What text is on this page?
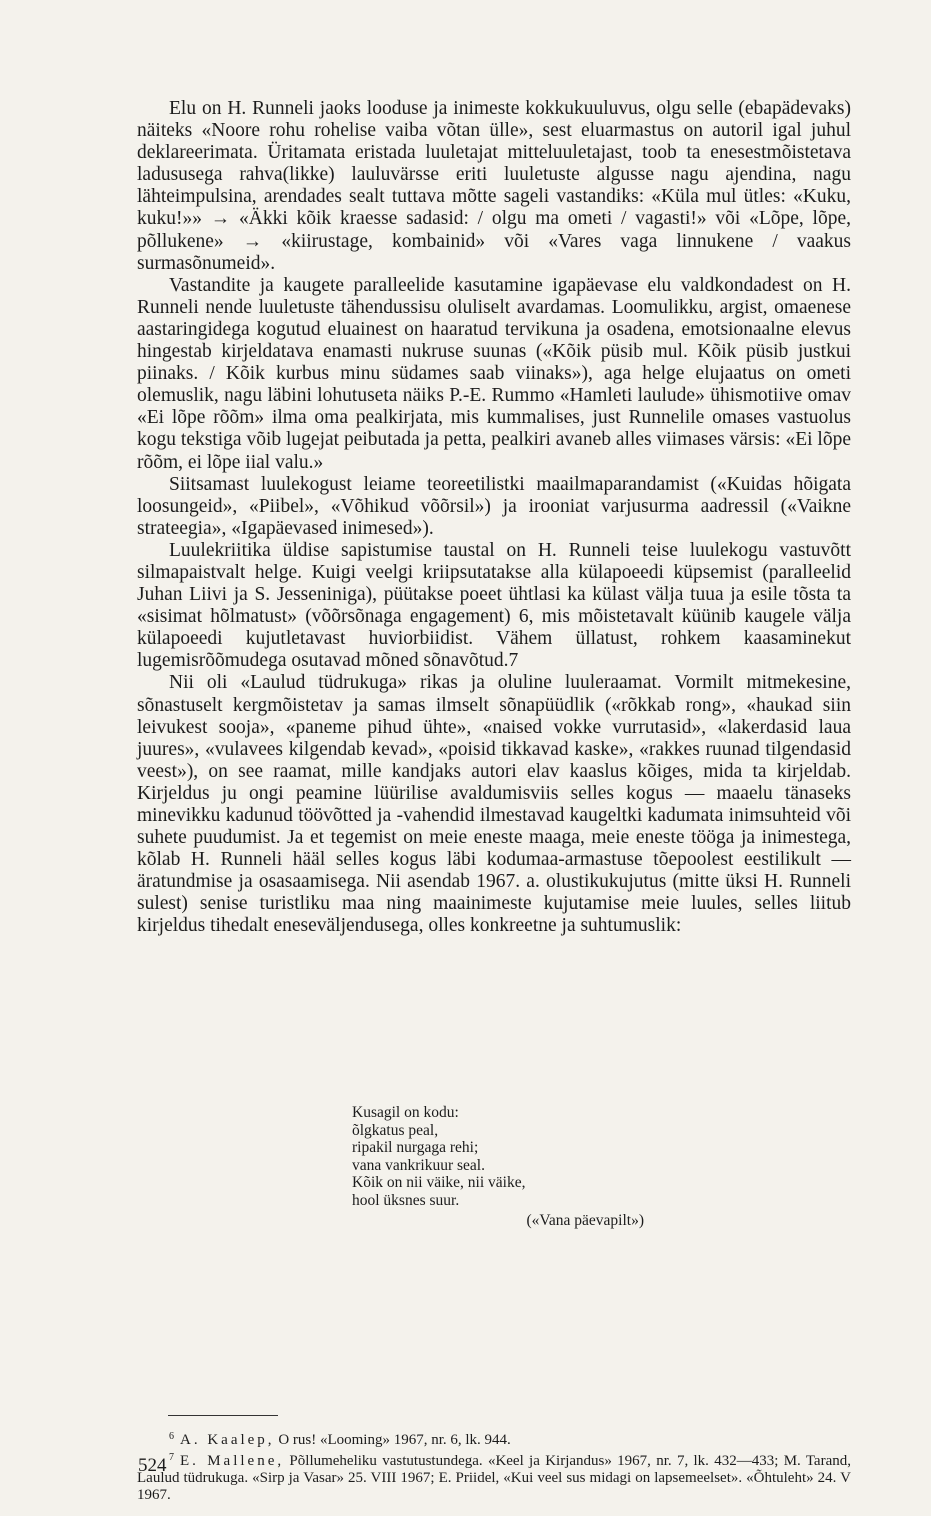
Elu on H. Runneli jaoks looduse ja inimeste kokkukuuluvus, olgu selle (ebapädevaks) näiteks «Noore rohu rohelise vaiba võtan ülle», sest eluarmastus on autoril igal juhul deklareerimata. Üritamata eristada luuletajat mitteluuletajast, toob ta enesestmõistetava ladususega rahva(likke) lauluvärsse eriti luuletuste algusse nagu ajendina, nagu lähteimpulsina, arendades sealt tuttava mõtte sageli vastandiks: «Küla mul ütles: «Kuku, kuku!»» → «Äkki kõik kraesse sadasid: / olgu ma ometi / vagasti!» või «Lõpe, lõpe, põllukene» → «kiirustage, kombainid» või «Vares vaga linnukene / vaakus surmasõnumeid».

Vastandite ja kaugete paralleelide kasutamine igapäevase elu valdkondadest on H. Runneli nende luuletuste tähendussisu oluliselt avardamas. Loomulikku, argist, omaenese aastaringidega kogutud eluainest on haaratud tervikuna ja osadena, emotsionaalne elevus hingestab kirjeldatava enamasti nukruse suunas («Kõik püsib mul. Kõik püsib justkui piinaks. / Kõik kurbus minu südames saab viinaks»), aga helge elujaatus on ometi olemuslik, nagu läbini lohutuseta näiks P.-E. Rummo «Hamleti laulude» ühismotiive omav «Ei lõpe rõõm» ilma oma pealkirjata, mis kummalises, just Runnelile omases vastuolus kogu tekstiga võib lugejat peibutada ja petta, pealkiri avaneb alles viimases värsis: «Ei lõpe rõõm, ei lõpe iial valu.»

Siitsamast luulekogust leiame teoreetilistki maailmaparandamist («Kuidas hõigata loosungeid», «Piibel», «Võhikud võõrsil») ja irooniat varjusurma aadressil («Vaikne strateegia», «Igapäevased inimesed»).

Luulekriitika üldise sapistumise taustal on H. Runneli teise luulekogu vastuvõtt silmapaistvalt helge. Kuigi veelgi kriipsutatakse alla külapoeedi küpsemist (paralleelid Juhan Liivi ja S. Jesseniniga), püütakse poeet ühtlasi ka külast välja tuua ja esile tõsta ta «sisimat hõlmatust» (võõrsõnaga engagement) 6, mis mõistetavalt küünib kaugele välja külapoeedi kujutletavast huviorbiidist. Vähem üllatust, rohkem kaasaminekut lugemisrõõmudega osutavad mõned sõnavõtud.7

Nii oli «Laulud tüdrukuga» rikas ja oluline luuleraamat. Vormilt mitmekesine, sõnastuselt kergmõistetav ja samas ilmselt sõnapüüdlik («rõkkab rong», «haukad siin leivukest sooja», «paneme pihud ühte», «naised vokke vurrutasid», «lakerdasid laua juures», «vulavees kilgendab kevad», «poisid tikkavad kaske», «rakkes ruunad tilgendasid veest»), on see raamat, mille kandjaks autori elav kaaslus kõiges, mida ta kirjeldab. Kirjeldus ju ongi peamine lüürilise avaldumisviis selles kogus — maaelu tänaseks minevikku kadunud töövõtted ja -vahendid ilmestavad kaugeltki kadumata inimsuhteid või suhete puudumist. Ja et tegemist on meie eneste maaga, meie eneste tööga ja inimestega, kõlab H. Runneli hääl selles kogus läbi kodumaa-armastuse tõepoolest eestilikult — äratundmise ja osasaamisega. Nii asendab 1967. a. olustikukujutus (mitte üksi H. Runneli sulest) senise turistliku maa ning maainimeste kujutamise meie luules, selles liitub kirjeldus tihedalt eneseväljendusega, olles konkreetne ja suhtumuslik:

Kusagil on kodu:
õlgkatus peal,
ripakil nurgaga rehi;
vana vankrikuur seal.
Kõik on nii väike, nii väike,
hool üksnes suur.
(«Vana päevapilt»)

$^6$ A. Kaalep, O rus! «Looming» 1967, nr. 6, lk. 944.

$^7$ E. Mallene, Põllumeheliku vastutustundega. «Keel ja Kirjandus» 1967, nr. 7, lk. 432—433; M. Tarand, Laulud tüdrukuga. «Sirp ja Vasar» 25. VIII 1967; E. Priidel, «Kui veel sus midagi on lapsemeelset». «Õhtuleht» 24. V 1967.

524
